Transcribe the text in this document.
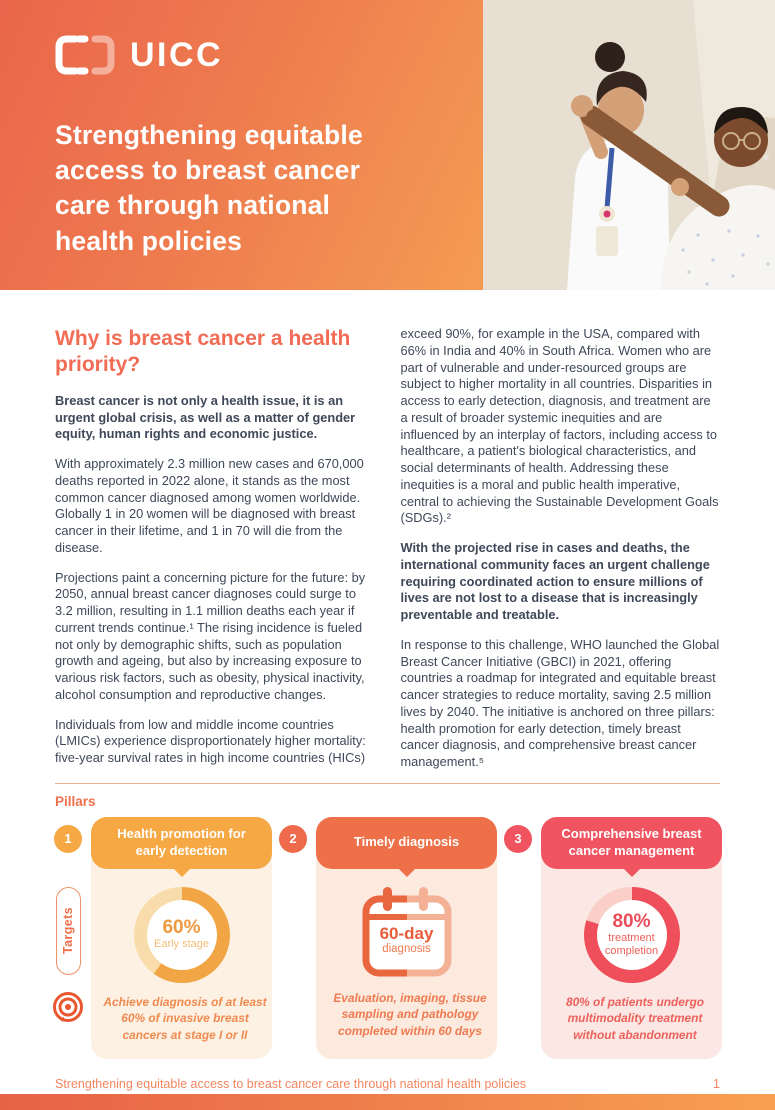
UICC
Strengthening equitable access to breast cancer care through national health policies
Why is breast cancer a health priority?

Breast cancer is not only a health issue, it is an urgent global crisis, as well as a matter of gender equity, human rights and economic justice.

With approximately 2.3 million new cases and 670,000 deaths reported in 2022 alone, it stands as the most common cancer diagnosed among women worldwide. Globally 1 in 20 women will be diagnosed with breast cancer in their lifetime, and 1 in 70 will die from the disease.

Projections paint a concerning picture for the future: by 2050, annual breast cancer diagnoses could surge to 3.2 million, resulting in 1.1 million deaths each year if current trends continue.¹ The rising incidence is fueled not only by demographic shifts, such as population growth and ageing, but also by increasing exposure to various risk factors, such as obesity, physical inactivity, alcohol consumption and reproductive changes.

Individuals from low and middle income countries (LMICs) experience disproportionately higher mortality: five-year survival rates in high income countries (HICs)

exceed 90%, for example in the USA, compared with 66% in India and 40% in South Africa. Women who are part of vulnerable and under-resourced groups are subject to higher mortality in all countries. Disparities in access to early detection, diagnosis, and treatment are a result of broader systemic inequities and are influenced by an interplay of factors, including access to healthcare, a patient's biological characteristics, and social determinants of health. Addressing these inequities is a moral and public health imperative, central to achieving the Sustainable Development Goals (SDGs).²

With the projected rise in cases and deaths, the international community faces an urgent challenge requiring coordinated action to ensure millions of lives are not lost to a disease that is increasingly preventable and treatable.

In response to this challenge, WHO launched the Global Breast Cancer Initiative (GBCI) in 2021, offering countries a roadmap for integrated and equitable breast cancer strategies to reduce mortality, saving 2.5 million lives by 2040. The initiative is anchored on three pillars: health promotion for early detection, timely breast cancer diagnosis, and comprehensive breast cancer management.⁵

Pillars
1
Targets
Health promotion for early detection
60%
Early stage

Achieve diagnosis of at least 60% of invasive breast cancers at stage I or II

2	Timely diagnosis
60-day
diagnosis

Evaluation, imaging, tissue sampling and pathology completed within 60 days

3	Comprehensive breast cancer management
80%
treatment completion

80% of patients undergo multimodality treatment without abandonment

Strengthening equitable access to breast cancer care through national health policies	1
